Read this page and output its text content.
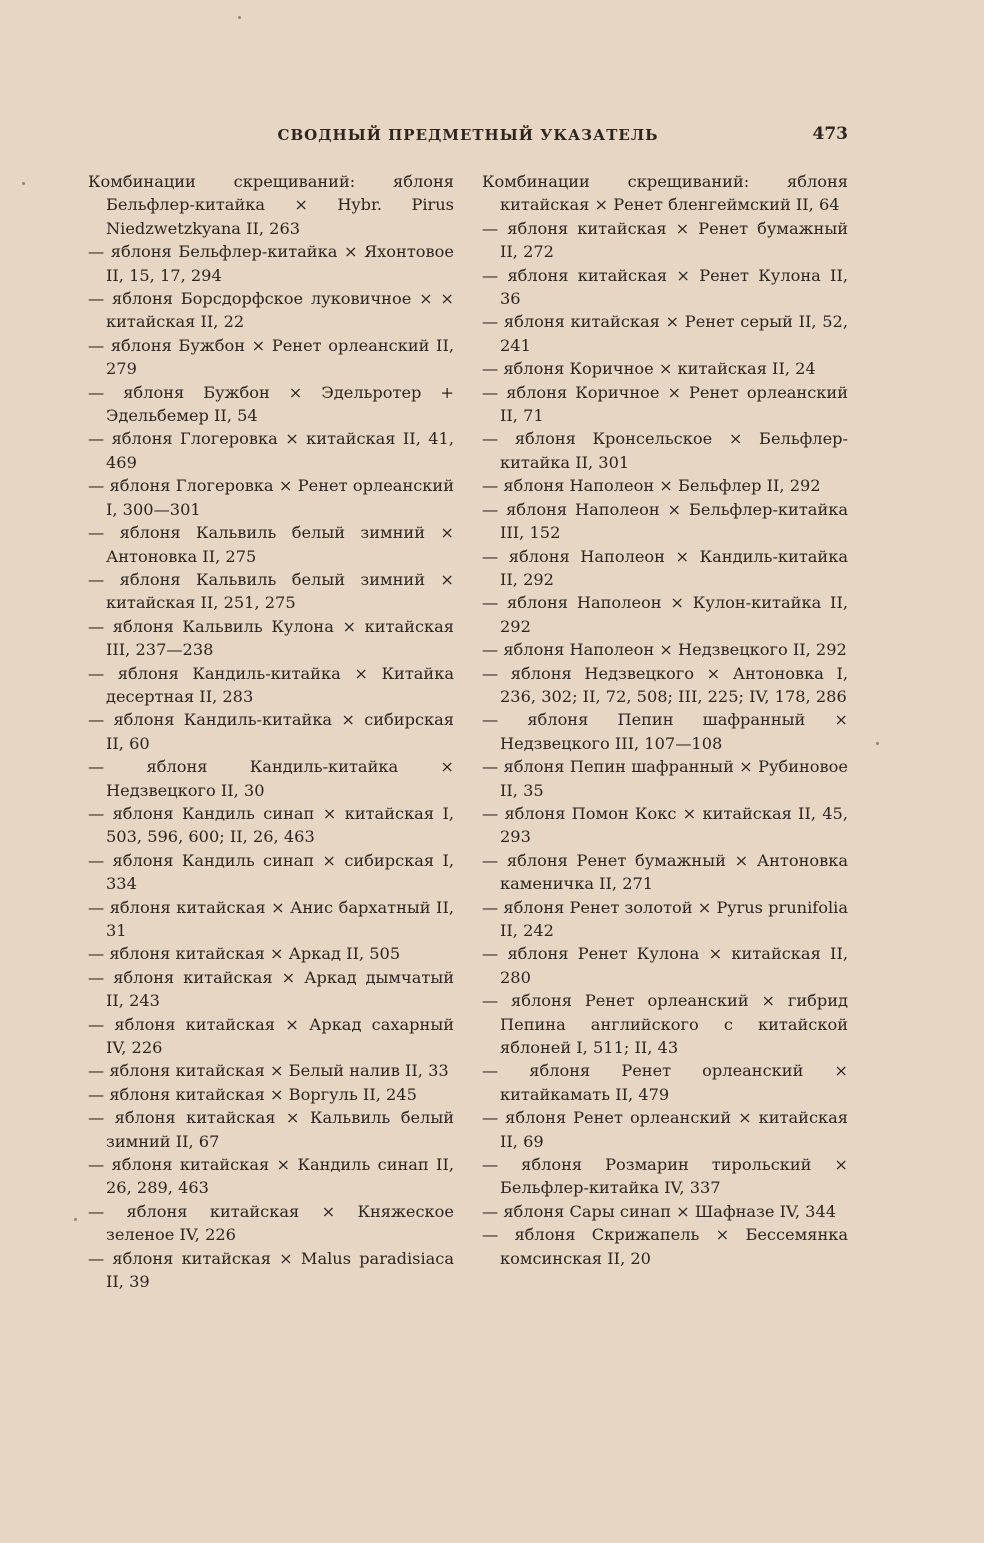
СВОДНЫЙ ПРЕДМЕТНЫЙ УКАЗАТЕЛЬ	473

Комбинации скрещиваний: яблоня Бельфлер-китайка × Hybr. Pirus Niedzwetzkyana II, 263

— яблоня Бельфлер-китайка × Яхонтовое II, 15, 17, 294

— яблоня Борсдорфское луковичное × × китайская II, 22

— яблоня Бужбон × Ренет орлеанский II, 279

— яблоня Бужбон × Эдельротер + Эдельбемер II, 54

— яблоня Глогеровка × китайская II, 41, 469

— яблоня Глогеровка × Ренет орлеанский I, 300—301

— яблоня Кальвиль белый зимний × Антоновка II, 275

— яблоня Кальвиль белый зимний × китайская II, 251, 275

— яблоня Кальвиль Кулона × китайская III, 237—238

— яблоня Кандиль-китайка × Китайка десертная II, 283

— яблоня Кандиль-китайка × сибирская II, 60

— яблоня Кандиль-китайка × Недзвецкого II, 30

— яблоня Кандиль синап × китайская I, 503, 596, 600; II, 26, 463

— яблоня Кандиль синап × сибирская I, 334

— яблоня китайская × Анис бархатный II, 31

— яблоня китайская × Аркад II, 505

— яблоня китайская × Аркад дымчатый II, 243

— яблоня китайская × Аркад сахарный IV, 226

— яблоня китайская × Белый налив II, 33

— яблоня китайская × Воргуль II, 245

— яблоня китайская × Кальвиль белый зимний II, 67

— яблоня китайская × Кандиль синап II, 26, 289, 463

— яблоня китайская × Княжеское зеленое IV, 226

— яблоня китайская × Malus paradisiaca II, 39

Комбинации скрещиваний: яблоня китайская × Ренет бленгеймский II, 64

— яблоня китайская × Ренет бумажный II, 272

— яблоня китайская × Ренет Кулона II, 36

— яблоня китайская × Ренет серый II, 52, 241

— яблоня Коричное × китайская II, 24

— яблоня Коричное × Ренет орлеанский II, 71

— яблоня Кронсельское × Бельфлер-китайка II, 301

— яблоня Наполеон × Бельфлер II, 292

— яблоня Наполеон × Бельфлер-китайка III, 152

— яблоня Наполеон × Кандиль-китайка II, 292

— яблоня Наполеон × Кулон-китайка II, 292

— яблоня Наполеон × Недзвецкого II, 292

— яблоня Недзвецкого × Антоновка I, 236, 302; II, 72, 508; III, 225; IV, 178, 286

— яблоня Пепин шафранный × Недзвецкого III, 107—108

— яблоня Пепин шафранный × Рубиновое II, 35

— яблоня Помон Кокс × китайская II, 45, 293

— яблоня Ренет бумажный × Антоновка каменичка II, 271

— яблоня Ренет золотой × Pyrus prunifolia II, 242

— яблоня Ренет Кулона × китайская II, 280

— яблоня Ренет орлеанский × гибрид Пепина английского с китайской яблоней I, 511; II, 43

— яблоня Ренет орлеанский × китайкамать II, 479

— яблоня Ренет орлеанский × китайская II, 69

— яблоня Розмарин тирольский × Бельфлер-китайка IV, 337

— яблоня Сары синап × Шафназе IV, 344

— яблоня Скрижапель × Бессемянка комсинская II, 20
